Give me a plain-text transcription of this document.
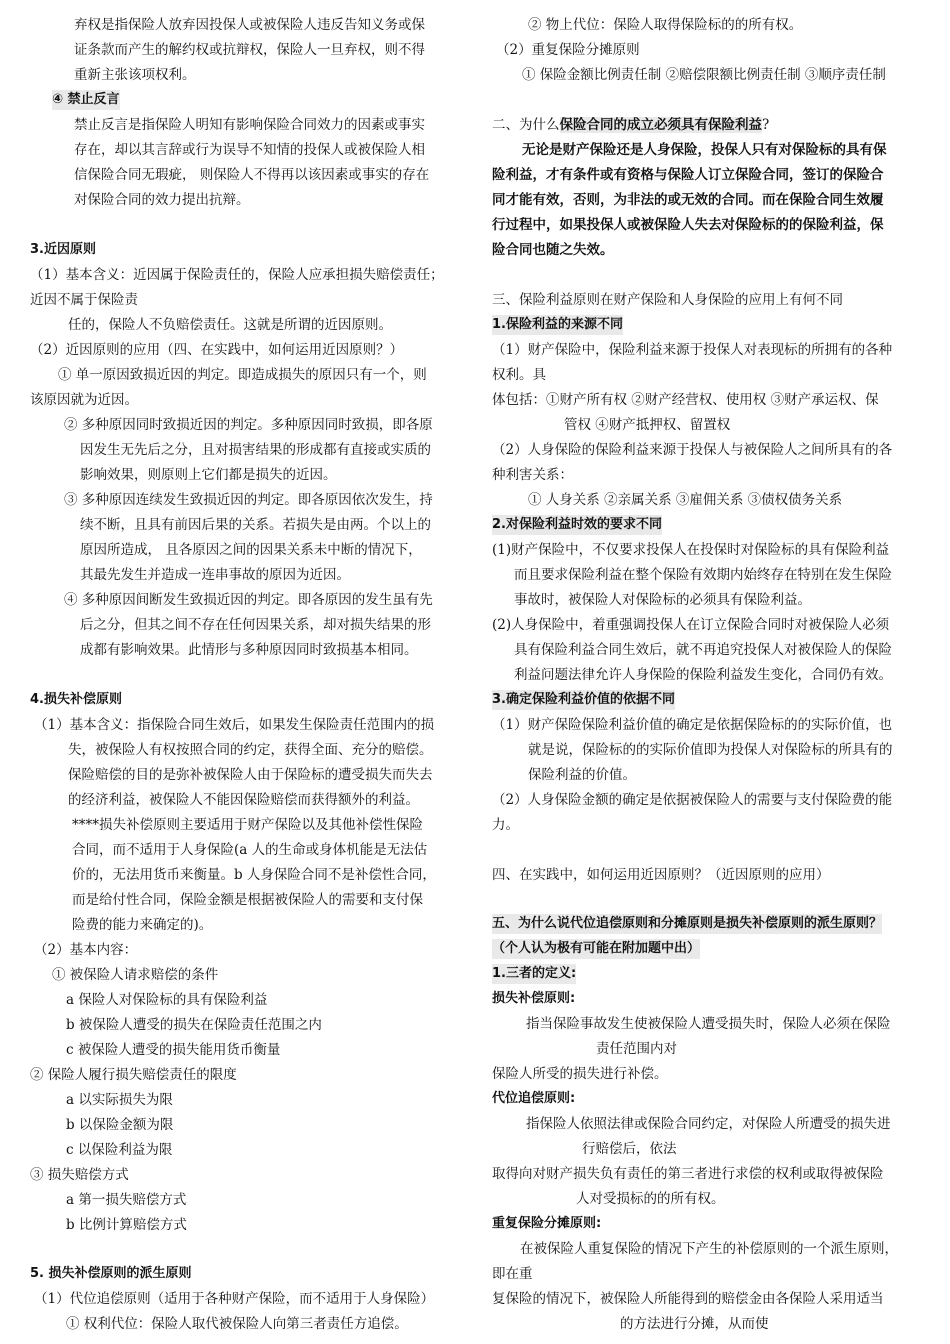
弃权是指保险人放弃因投保人或被保险人违反告知义务或保
证条款而产生的解约权或抗辩权，保险人一旦弃权，则不得
重新主张该项权利。
④ 禁止反言
禁止反言是指保险人明知有影响保险合同效力的因素或事实
存在，却以其言辞或行为误导不知情的投保人或被保险人相
信保险合同无瑕疵， 则保险人不得再以该因素或事实的存在
对保险合同的效力提出抗辩。
3.近因原则
（1）基本含义：近因属于保险责任的，保险人应承担损失赔偿责任；
近因不属于保险责
任的，保险人不负赔偿责任。这就是所谓的近因原则。
（2）近因原则的应用（四、在实践中，如何运用近因原则？）
① 单一原因致损近因的判定。即造成损失的原因只有一个，则
该原因就为近因。
② 多种原因同时致损近因的判定。多种原因同时致损，即各原
因发生无先后之分，且对损害结果的形成都有直接或实质的
影响效果，则原则上它们都是损失的近因。
③ 多种原因连续发生致损近因的判定。即各原因依次发生，持
续不断，且具有前因后果的关系。若损失是由两。个以上的
原因所造成， 且各原因之间的因果关系未中断的情况下，
其最先发生并造成一连串事故的原因为近因。
④ 多种原因间断发生致损近因的判定。即各原因的发生虽有先
后之分，但其之间不存在任何因果关系，却对损失结果的形
成都有影响效果。此情形与多种原因同时致损基本相同。
4.损失补偿原则
（1）基本含义：指保险合同生效后，如果发生保险责任范围内的损
失，被保险人有权按照合同的约定，获得全面、充分的赔偿。
保险赔偿的目的是弥补被保险人由于保险标的遭受损失而失去
的经济利益，被保险人不能因保险赔偿而获得额外的利益。
****损失补偿原则主要适用于财产保险以及其他补偿性保险
合同，而不适用于人身保险(a 人的生命或身体机能是无法估
价的，无法用货币来衡量。b 人身保险合同不是补偿性合同，
而是给付性合同，保险金额是根据被保险人的需要和支付保
险费的能力来确定的)。
（2）基本内容：
① 被保险人请求赔偿的条件
a 保险人对保险标的具有保险利益
b 被保险人遭受的损失在保险责任范围之内
c 被保险人遭受的损失能用货币衡量
② 保险人履行损失赔偿责任的限度
a 以实际损失为限
b 以保险金额为限
c 以保险利益为限
③ 损失赔偿方式
a 第一损失赔偿方式
b 比例计算赔偿方式
5. 损失补偿原则的派生原则
（1）代位追偿原则（适用于各种财产保险，而不适用于人身保险）
① 权利代位：保险人取代被保险人向第三者责任方追偿。
② 物上代位：保险人取得保险标的的所有权。
（2）重复保险分摊原则
① 保险金额比例责任制 ②赔偿限额比例责任制 ③顺序责任制
二、为什么保险合同的成立必须具有保险利益?
无论是财产保险还是人身保险，投保人只有对保险标的具有保
险利益，才有条件或有资格与保险人订立保险合同，签订的保险合
同才能有效，否则，为非法的或无效的合同。而在保险合同生效履
行过程中，如果投保人或被保险人失去对保险标的的保险利益，保
险合同也随之失效。
三、保险利益原则在财产保险和人身保险的应用上有何不同
1.保险利益的来源不同
（1）财产保险中，保险利益来源于投保人对表现标的所拥有的各种
权利。具
体包括：①财产所有权 ②财产经营权、使用权 ③财产承运权、保
管权 ④财产抵押权、留置权
（2）人身保险的保险利益来源于投保人与被保险人之间所具有的各
种利害关系：
① 人身关系 ②亲属关系 ③雇佣关系 ③债权债务关系
2.对保险利益时效的要求不同
(1)财产保险中，不仅要求投保人在投保时对保险标的具有保险利益
而且要求保险利益在整个保险有效期内始终存在特别在发生保险
事故时，被保险人对保险标的必须具有保险利益。
(2)人身保险中，着重强调投保人在订立保险合同时对被保险人必须
具有保险利益合同生效后，就不再追究投保人对被保险人的保险
利益问题法律允许人身保险的保险利益发生变化，合同仍有效。
3.确定保险利益价值的依据不同
（1）财产保险保险利益价值的确定是依据保险标的的实际价值，也
就是说，保险标的的实际价值即为投保人对保险标的所具有的
保险利益的价值。
（2）人身保险金额的确定是依据被保险人的需要与支付保险费的能
力。
四、在实践中，如何运用近因原则？（近因原则的应用）
五、为什么说代位追偿原则和分摊原则是损失补偿原则的派生原则？
（个人认为极有可能在附加题中出）
1.三者的定义:
损失补偿原则:
指当保险事故发生使被保险人遭受损失时，保险人必须在保险
责任范围内对
保险人所受的损失进行补偿。
代位追偿原则:
指保险人依照法律或保险合同约定，对保险人所遭受的损失进
行赔偿后，依法
取得向对财产损失负有责任的第三者进行求偿的权利或取得被保险
人对受损标的的所有权。
重复保险分摊原则:
在被保险人重复保险的情况下产生的补偿原则的一个派生原则，
即在重
复保险的情况下，被保险人所能得到的赔偿金由各保险人采用适当
的方法进行分摊，从而使
